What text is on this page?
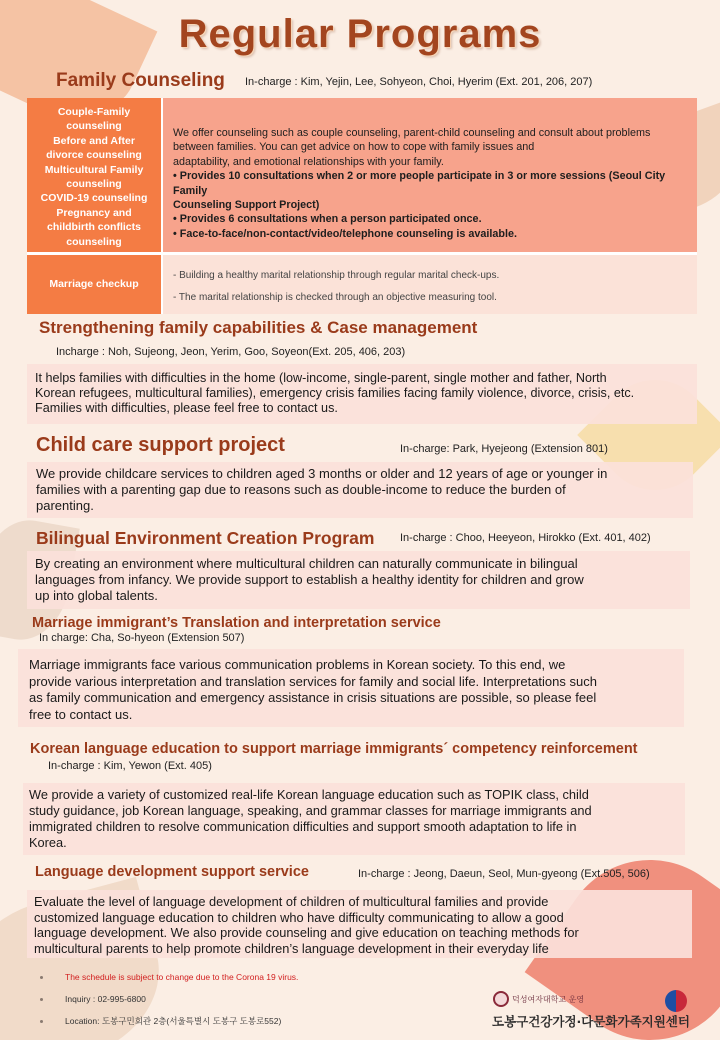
Regular Programs
Family Counseling In-charge : Kim, Yejin, Lee, Sohyeon, Choi, Hyerim (Ext. 201, 206, 207)
Couple-Family
counseling
Before and After
divorce counseling
Multicultural Family
counseling
COVID-19 counseling
Pregnancy and
childbirth conflicts
counseling
We offer counseling such as couple counseling, parent-child counseling and consult about problems
between families. You can get advice on how to cope with family issues and
adaptability, and emotional relationships with your family.
• Provides 10 consultations when 2 or more people participate in 3 or more sessions (Seoul City Family
Counseling Support Project)
• Provides 6 consultations when a person participated once.
• Face-to-face/non-contact/video/telephone counseling is available.
Marriage checkup
- Building a healthy marital relationship through regular marital check-ups.
- The marital relationship is checked through an objective measuring tool.
Strengthening family capabilities & Case management
Incharge : Noh, Sujeong, Jeon, Yerim, Goo, Soyeon(Ext. 205, 406, 203)
It helps families with difficulties in the home (low-income, single-parent, single mother and father, North
Korean refugees, multicultural families), emergency crisis families facing family violence, divorce, crisis, etc.
Families with difficulties, please feel free to contact us.
Child care support project	In-charge: Park, Hyejeong (Extension 801)
We provide childcare services to children aged 3 months or older and 12 years of age or younger in
families with a parenting gap due to reasons such as double-income to reduce the burden of
parenting.
Bilingual Environment Creation Program In-charge : Choo, Heeyeon, Hirokko (Ext. 401, 402)
By creating an environment where multicultural children can naturally communicate in bilingual
languages from infancy. We provide support to establish a healthy identity for children and grow
up into global talents.
Marriage immigrant’s Translation and interpretation service
In charge: Cha, So-hyeon (Extension 507)
Marriage immigrants face various communication problems in Korean society. To this end, we
provide various interpretation and translation services for family and social life. Interpretations such
as family communication and emergency assistance in crisis situations are possible, so please feel
free to contact us.
Korean language education to support marriage immigrants´ competency reinforcement
In-charge : Kim, Yewon (Ext. 405)
We provide a variety of customized real-life Korean language education such as TOPIK class, child
study guidance, job Korean language, speaking, and grammar classes for marriage immigrants and
immigrated children to resolve communication difficulties and support smooth adaptation to life in
Korea.
Language development support service	In-charge : Jeong, Daeun, Seol, Mun-gyeong (Ext.505, 506)
Evaluate the level of language development of children of multicultural families and provide
customized language education to children who have difficulty communicating to allow a good
language development. We also provide counseling and give education on teaching methods for
multicultural parents to help promote children’s language development in their everyday life
The schedule is subject to change due to the Corona 19 virus.
Inquiry : 02-995-6800
Location: 도봉구민회관 2층(서울특별시 도봉구 도봉로552)
덕성여자대학교 운영
도봉구건강가정·다문화가족지원센터
